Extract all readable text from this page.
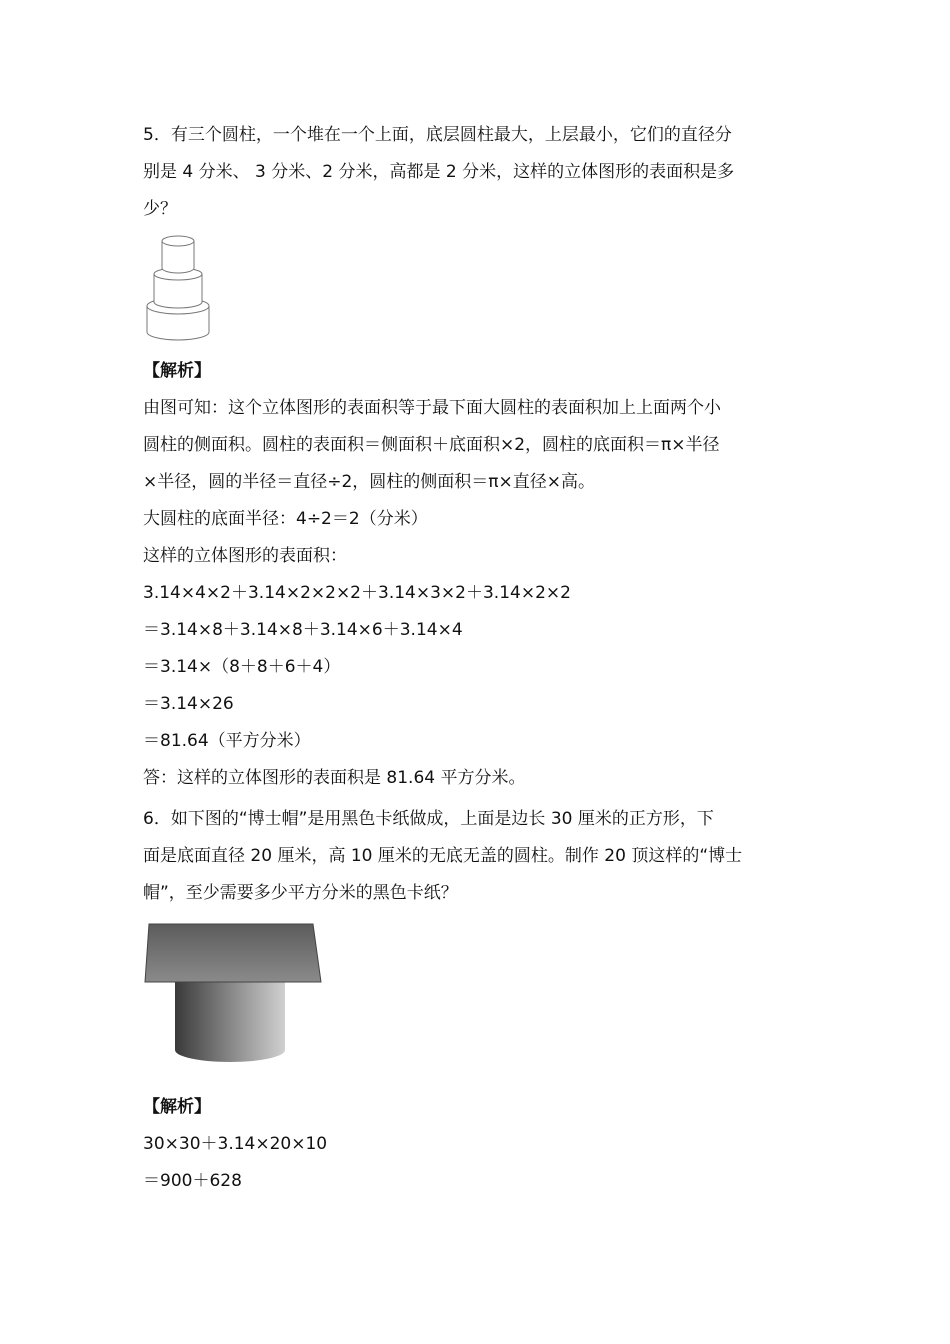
5．有三个圆柱，一个堆在一个上面，底层圆柱最大，上层最小，它们的直径分
别是 4 分米、 3 分米、2 分米，高都是 2 分米，这样的立体图形的表面积是多
少？
【解析】
由图可知：这个立体图形的表面积等于最下面大圆柱的表面积加上上面两个小
圆柱的侧面积。圆柱的表面积＝侧面积＋底面积×2，圆柱的底面积＝π×半径
×半径，圆的半径＝直径÷2，圆柱的侧面积＝π×直径×高。
大圆柱的底面半径：4÷2＝2（分米）
这样的立体图形的表面积：
3.14×4×2＋3.14×2×2×2＋3.14×3×2＋3.14×2×2
＝3.14×8＋3.14×8＋3.14×6＋3.14×4
＝3.14×（8＋8＋6＋4）
＝3.14×26
＝81.64（平方分米）
答：这样的立体图形的表面积是 81.64 平方分米。
6．如下图的“博士帽”是用黑色卡纸做成，上面是边长 30 厘米的正方形，下
面是底面直径 20 厘米，高 10 厘米的无底无盖的圆柱。制作 20 顶这样的“博士
帽”，至少需要多少平方分米的黑色卡纸？
【解析】
30×30＋3.14×20×10
＝900＋628
